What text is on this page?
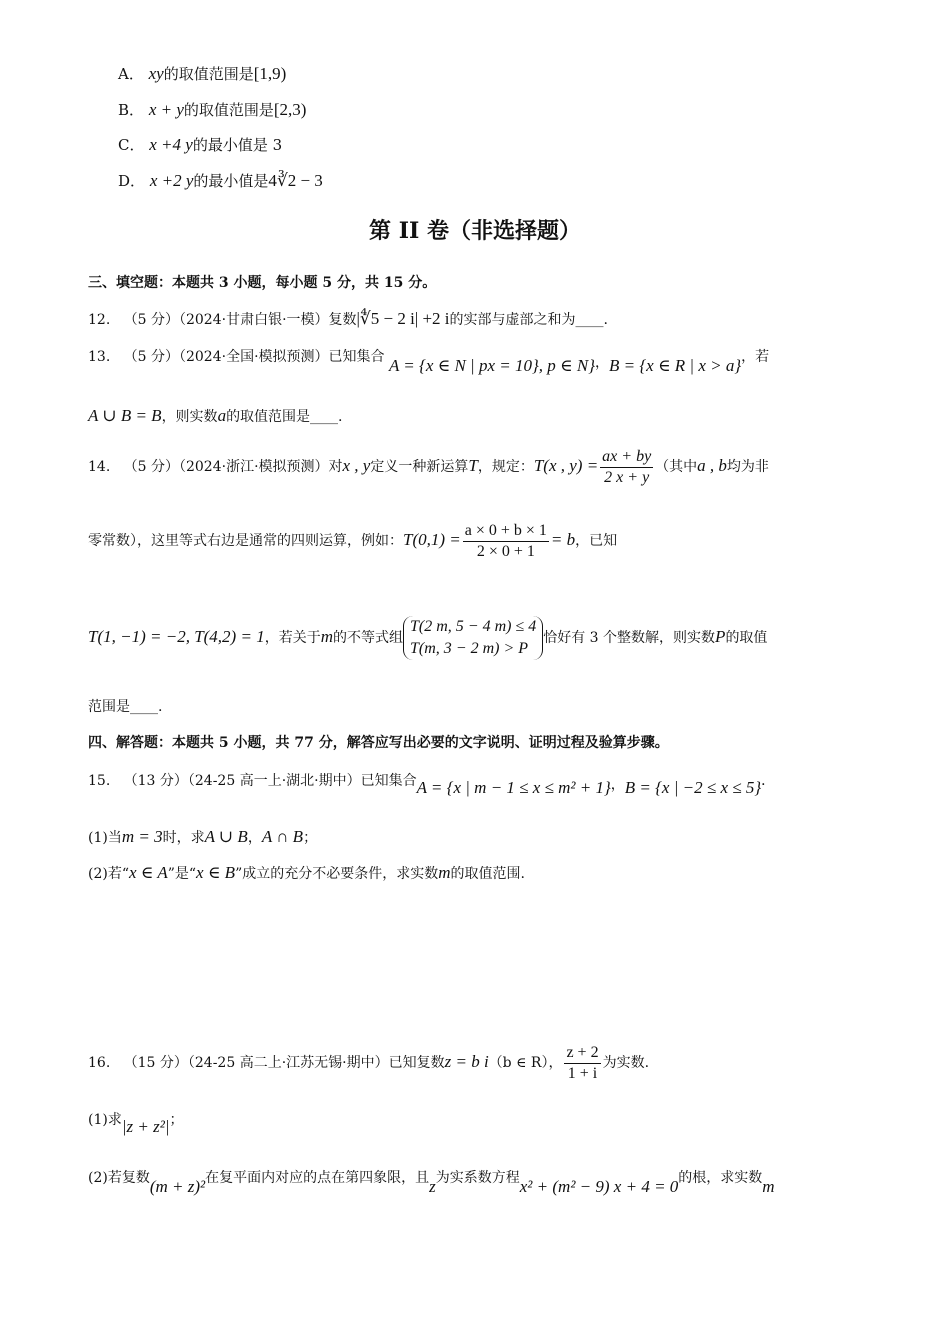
A． xy的取值范围是[1,9)
B． x + y的取值范围是[2,3)
C． x +4 y的最小值是 3
D． x +2 y的最小值是4∛2 − 3
第 II 卷（非选择题）
三、填空题：本题共 3 小题，每小题 5 分，共 15 分。
12. （5 分）（2024·甘肃白银·一模）复数|∜5 − 2 i| +2 i的实部与虚部之和为____.
13. （5 分）（2024·全国·模拟预测）已知集合 A = {x ∈ N | px = 10}, p ∈ N}，B = {x ∈ R | x > a}，若
A ∪ B = B，则实数a的取值范围是____.
14. （5 分）（2024·浙江·模拟预测）对x , y定义一种新运算T，规定：T(x , $y) = \frac{ax + by}{2 x + y}$ （其中a , b均为非
零常数），这里等式右边是通常的四则运算，例如：$T(0,1) = \frac{a \times 0 + b \times 1}{2 \times 0 + 1} = b$，已知
T(1, −1) = −2, T(4,2) = 1，若关于m的不等式组
T(2 m, 5 − 4 m) ≤ 4
T(m, 3 − 2 m) > P
恰好有 3 个整数解，则实数P的取值
范围是____.
四、解答题：本题共 5 小题，共 77 分，解答应写出必要的文字说明、证明过程及验算步骤。
15. （13 分）（24-25 高一上·湖北·期中）已知集合A = {x | m − 1 ≤ x ≤ m² + 1}，B = {x | −2 ≤ x ≤ 5}．
(1)当m = 3时，求A ∪ B，A ∩ B；
(2)若“x ∈ A”是“x ∈ B”成立的充分不必要条件，求实数m的取值范围.
16. （15 分）（24-25 高二上·江苏无锡·期中）已知复数z = b i（b ∈ R）， $\frac{z + 2}{1 + i}$ 为实数.
(1)求|z + z²|；
(2)若复数(m + z)²在复平面内对应的点在第四象限，且z为实系数方程x² + (m² − 9) x + 4 = 0的根，求实数m
